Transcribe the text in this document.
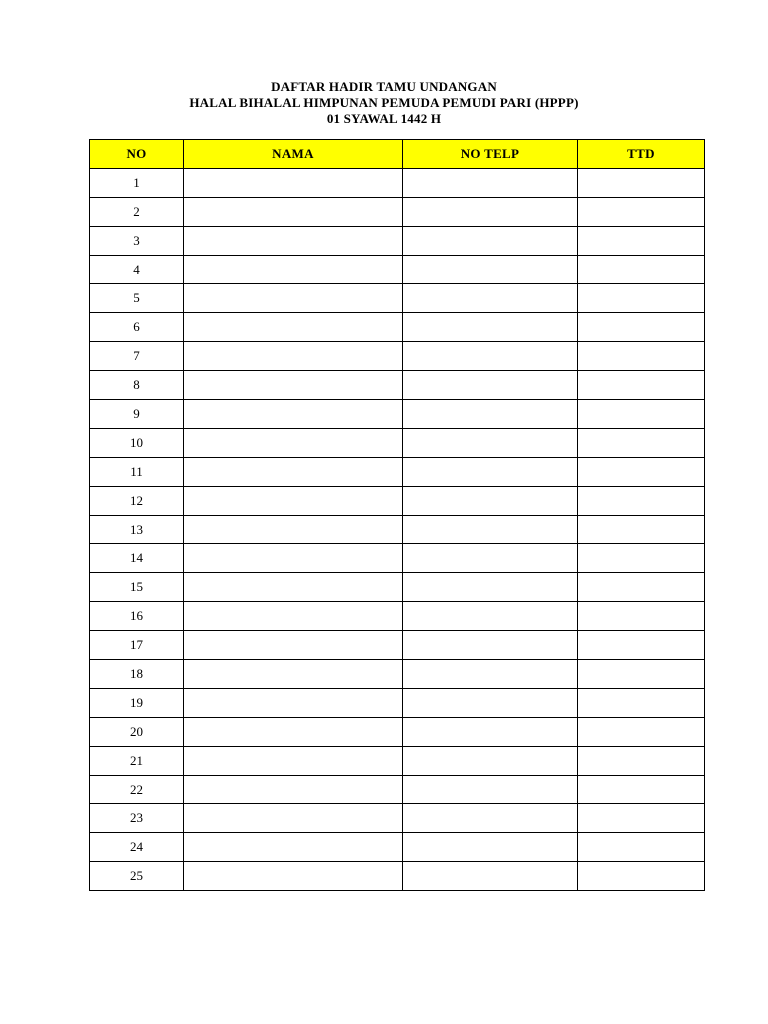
DAFTAR HADIR TAMU UNDANGAN
HALAL BIHALAL HIMPUNAN PEMUDA PEMUDI PARI (HPPP)
01 SYAWAL 1442 H
NO	NAMA	NO TELP	TTD
1			
2			
3			
4			
5			
6			
7			
8			
9			
10			
11			
12			
13			
14			
15			
16			
17			
18			
19			
20			
21			
22			
23			
24			
25			
